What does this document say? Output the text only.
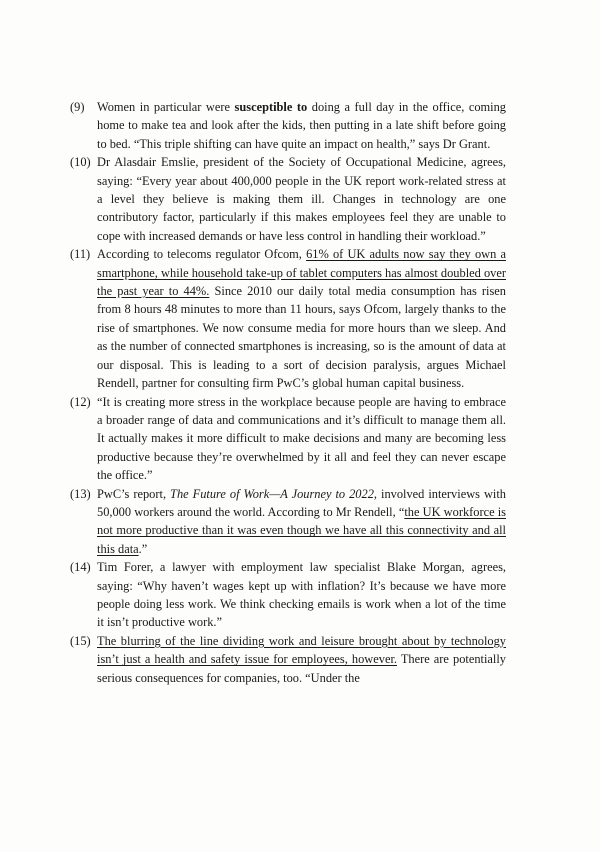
(9) Women in particular were susceptible to doing a full day in the office, coming home to make tea and look after the kids, then putting in a late shift before going to bed. “This triple shifting can have quite an impact on health,” says Dr Grant.
(10) Dr Alasdair Emslie, president of the Society of Occupational Medicine, agrees, saying: “Every year about 400,000 people in the UK report work-related stress at a level they believe is making them ill. Changes in technology are one contributory factor, particularly if this makes employees feel they are unable to cope with increased demands or have less control in handling their workload.”
(11) According to telecoms regulator Ofcom, 61% of UK adults now say they own a smartphone, while household take-up of tablet computers has almost doubled over the past year to 44%. Since 2010 our daily total media consumption has risen from 8 hours 48 minutes to more than 11 hours, says Ofcom, largely thanks to the rise of smartphones. We now consume media for more hours than we sleep. And as the number of connected smartphones is increasing, so is the amount of data at our disposal. This is leading to a sort of decision paralysis, argues Michael Rendell, partner for consulting firm PwC’s global human capital business.
(12) “It is creating more stress in the workplace because people are having to embrace a broader range of data and communications and it’s difficult to manage them all. It actually makes it more difficult to make decisions and many are becoming less productive because they’re overwhelmed by it all and feel they can never escape the office.”
(13) PwC’s report, The Future of Work—A Journey to 2022, involved interviews with 50,000 workers around the world. According to Mr Rendell, “the UK workforce is not more productive than it was even though we have all this connectivity and all this data.”
(14) Tim Forer, a lawyer with employment law specialist Blake Morgan, agrees, saying: “Why haven’t wages kept up with inflation? It’s because we have more people doing less work. We think checking emails is work when a lot of the time it isn’t productive work.”
(15) The blurring of the line dividing work and leisure brought about by technology isn’t just a health and safety issue for employees, however. There are potentially serious consequences for companies, too. “Under the
